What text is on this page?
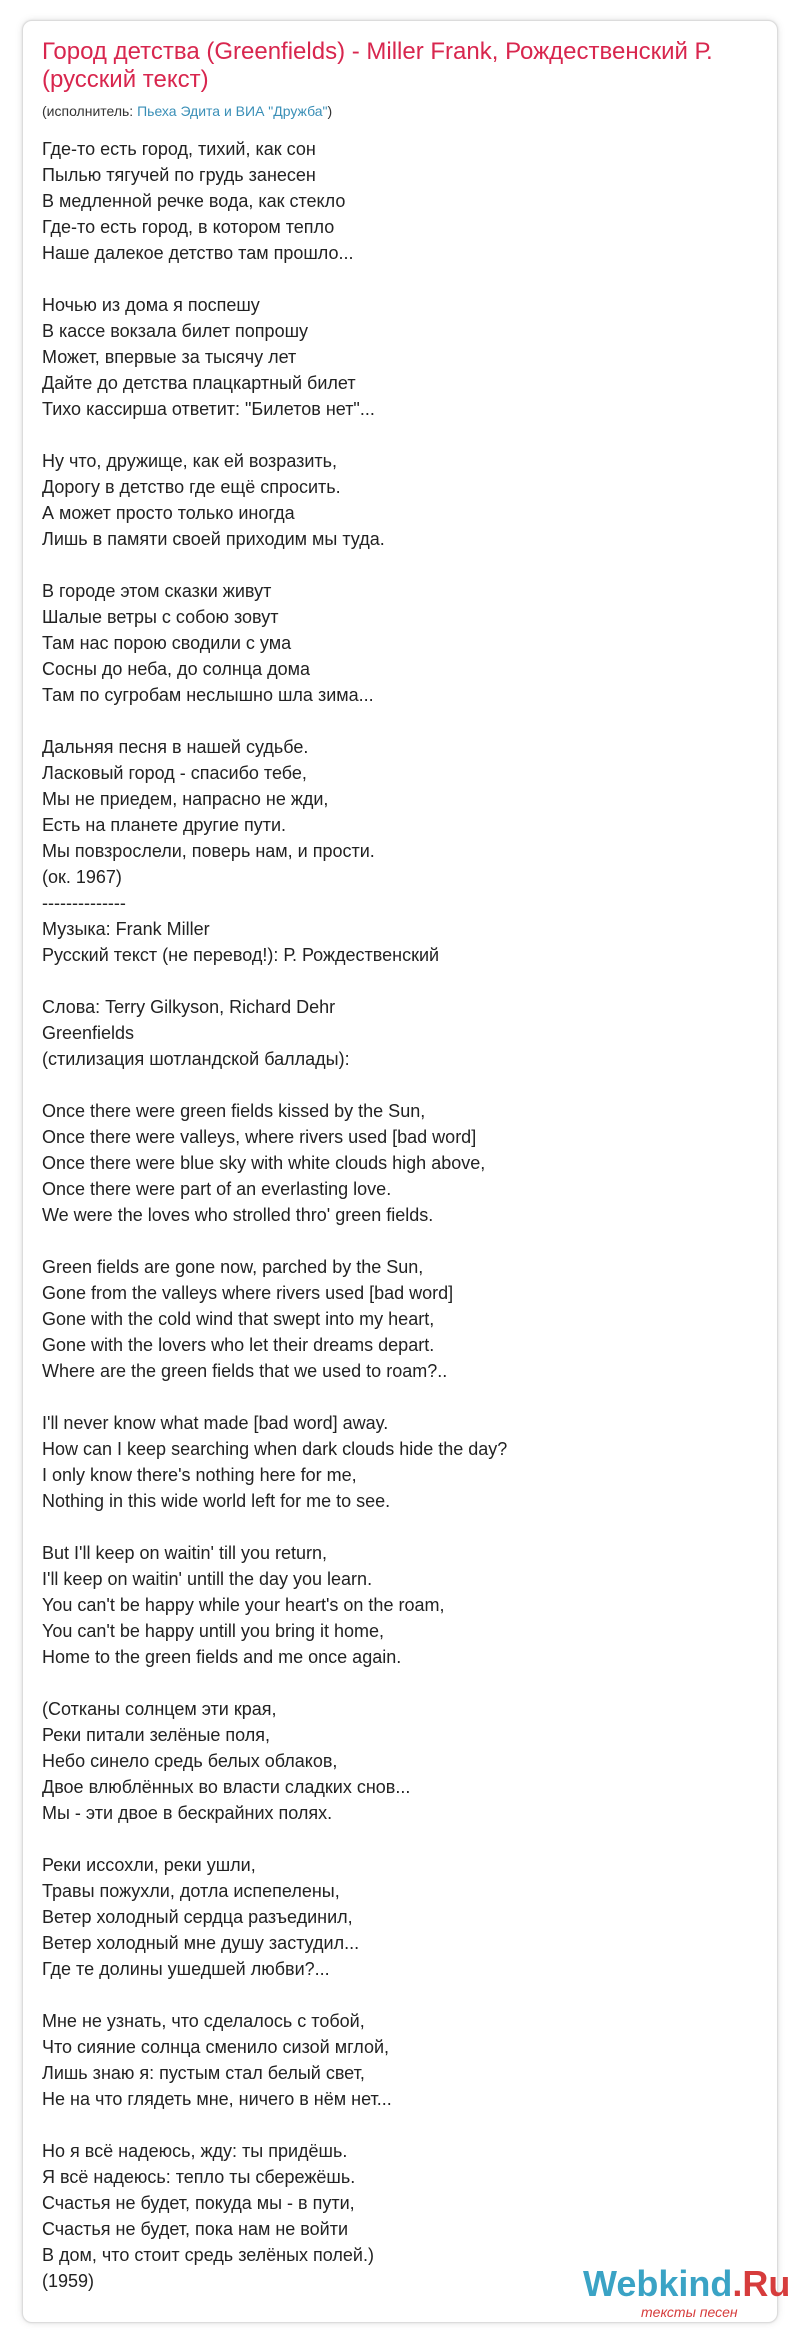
Город детства (Greenfields) - Miller Frank, Рождественский Р. (русский текст)
(исполнитель: Пьеха Эдита и ВИА "Дружба")
Где-то есть город, тихий, как сон
Пылью тягучей по грудь занесен
В медленной речке вода, как стекло
Где-то есть город, в котором тепло
Наше далекое детство там прошло...

Ночью из дома я поспешу
В кассе вокзала билет попрошу
Может, впервые за тысячу лет
Дайте до детства плацкартный билет
Тихо кассирша ответит: "Билетов нет"...

Ну что, дружище, как ей возразить,
Дорогу в детство где ещё спросить.
А может просто только иногда
Лишь в памяти своей приходим мы туда.

В городе этом сказки живут
Шалые ветры с собою зовут
Там нас порою сводили с ума
Сосны до неба, до солнца дома
Там по сугробам неслышно шла зима...

Дальняя песня в нашей судьбе.
Ласковый город - спасибо тебе,
Мы не приедем, напрасно не жди,
Есть на планете другие пути.
Мы повзрослели, поверь нам, и прости.
(ок. 1967)
--------------
Музыка: Frank Miller
Русский текст (не перевод!): Р. Рождественский

Слова: Terry Gilkyson, Richard Dehr
Greenfields
(стилизация шотландской баллады):

Once there were green fields kissed by the Sun,
Once there were valleys, where rivers used [bad word]
Once there were blue sky with white clouds high above,
Once there were part of an everlasting love.
We were the loves who strolled thro' green fields.

Green fields are gone now, parched by the Sun,
Gone from the valleys where rivers used [bad word]
Gone with the cold wind that swept into my heart,
Gone with the lovers who let their dreams depart.
Where are the green fields that we used to roam?..

I'll never know what made [bad word] away.
How can I keep searching when dark clouds hide the day?
I only know there's nothing here for me,
Nothing in this wide world left for me to see.

But I'll keep on waitin' till you return,
I'll keep on waitin' untill the day you learn.
You can't be happy while your heart's on the roam,
You can't be happy untill you bring it home,
Home to the green fields and me once again.

(Сотканы солнцем эти края,
Реки питали зелёные поля,
Небо синело средь белых облаков,
Двое влюблённых во власти сладких снов...
Мы - эти двое в бескрайних полях.

Реки иссохли, реки ушли,
Травы пожухли, дотла испепелены,
Ветер холодный сердца разъединил,
Ветер холодный мне душу застудил...
Где те долины ушедшей любви?...

Мне не узнать, что сделалось с тобой,
Что сияние солнца сменило сизой мглой,
Лишь знаю я: пустым стал белый свет,
Не на что глядеть мне, ничего в нём нет...

Но я всё надеюсь, жду: ты придёшь.
Я всё надеюсь: тепло ты сбережёшь.
Счастья не будет, покуда мы - в пути,
Счастья не будет, пока нам не войти
В дом, что стоит средь зелёных полей.)
(1959)	Webkind.Ru
тексты песен
